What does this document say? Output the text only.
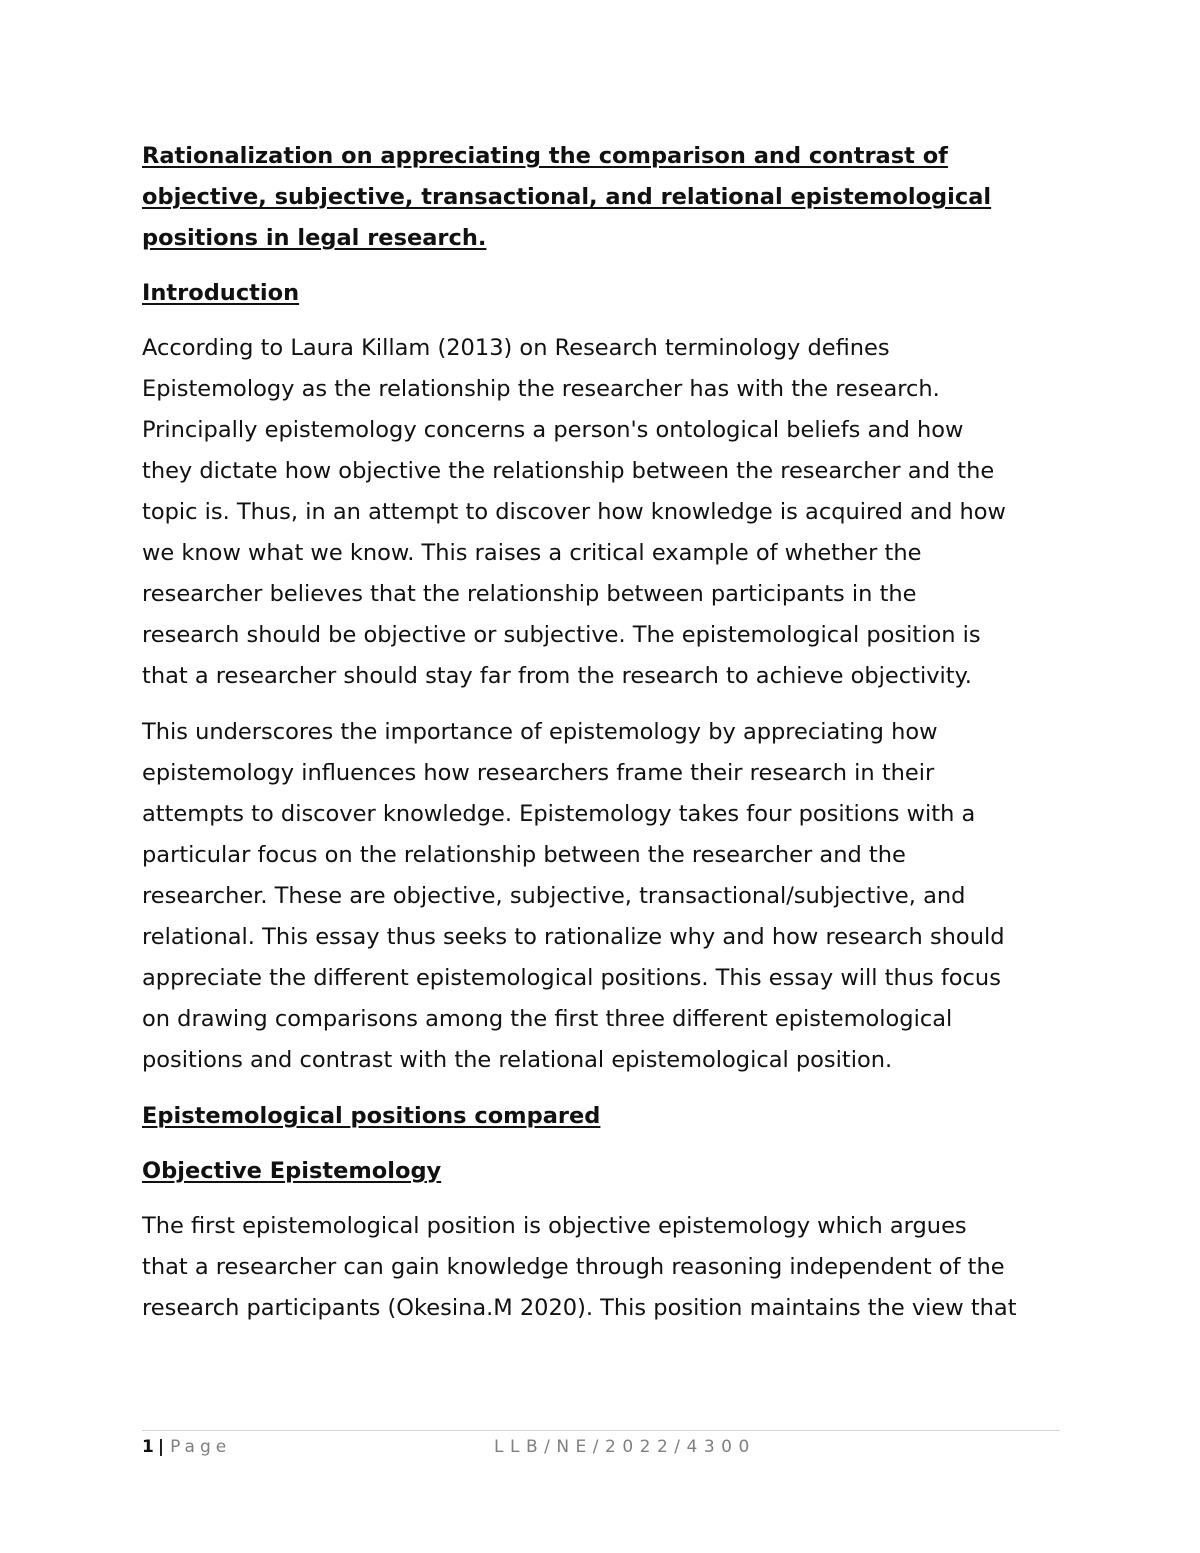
Rationalization on appreciating the comparison and contrast of
objective, subjective, transactional, and relational epistemological
positions in legal research.
Introduction
According to Laura Killam (2013) on Research terminology defines
Epistemology as the relationship the researcher has with the research.
Principally epistemology concerns a person's ontological beliefs and how
they dictate how objective the relationship between the researcher and the
topic is. Thus, in an attempt to discover how knowledge is acquired and how
we know what we know. This raises a critical example of whether the
researcher believes that the relationship between participants in the
research should be objective or subjective. The epistemological position is
that a researcher should stay far from the research to achieve objectivity.
This underscores the importance of epistemology by appreciating how
epistemology influences how researchers frame their research in their
attempts to discover knowledge. Epistemology takes four positions with a
particular focus on the relationship between the researcher and the
researcher. These are objective, subjective, transactional/subjective, and
relational. This essay thus seeks to rationalize why and how research should
appreciate the different epistemological positions. This essay will thus focus
on drawing comparisons among the first three different epistemological
positions and contrast with the relational epistemological position.
Epistemological positions compared
Objective Epistemology
The first epistemological position is objective epistemology which argues
that a researcher can gain knowledge through reasoning independent of the
research participants (Okesina.M 2020). This position maintains the view that
1 | Page	LLB/NE/2022/4300
